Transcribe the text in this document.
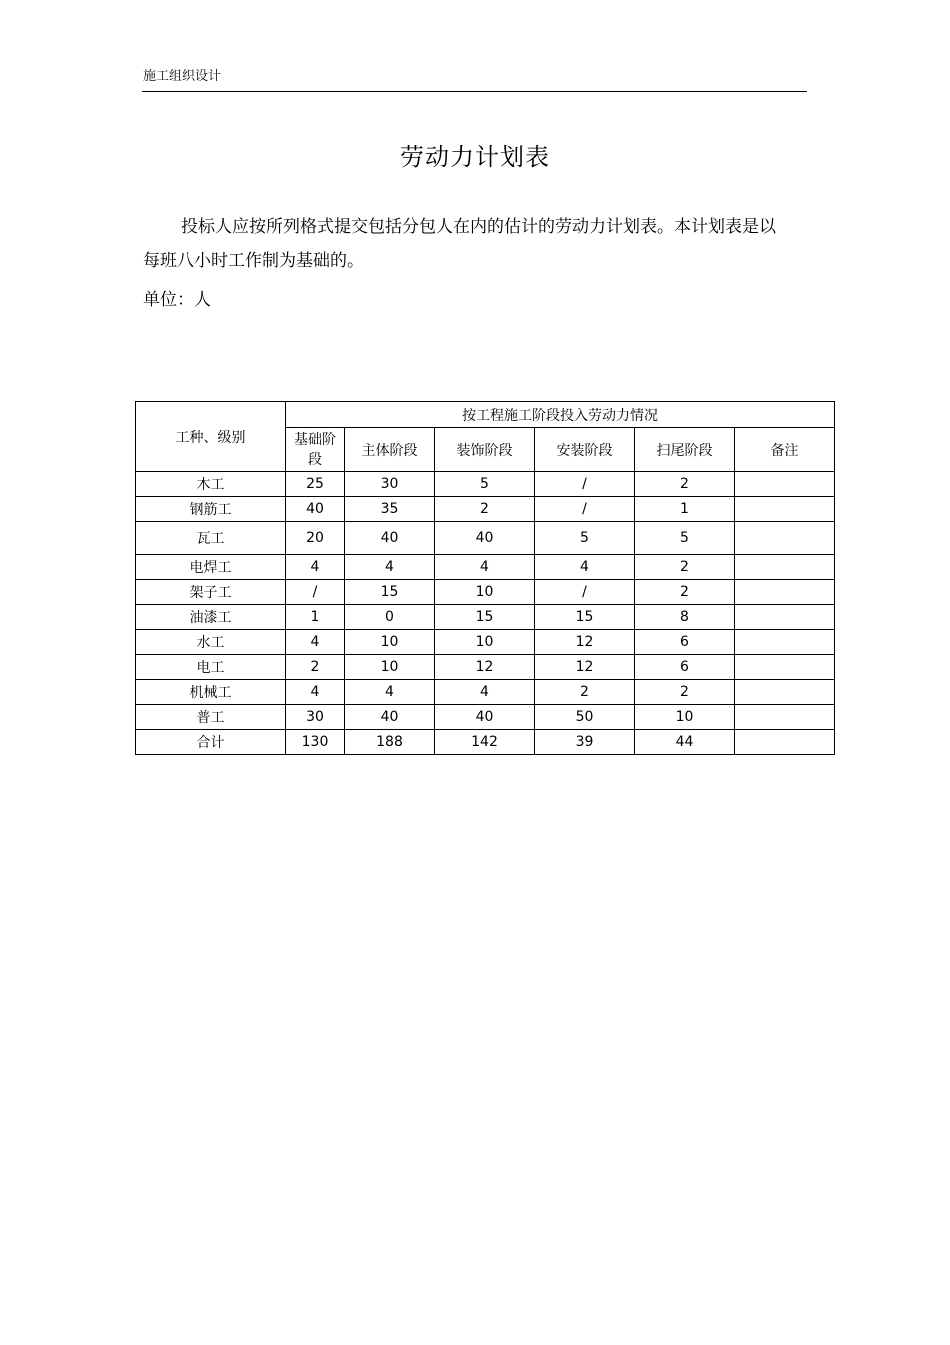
施工组织设计
劳动力计划表
投标人应按所列格式提交包括分包人在内的估计的劳动力计划表。本计划表是以每班八小时工作制为基础的。
单位：人
工种、级别	按工程施工阶段投入劳动力情况					
	基础阶段	主体阶段	装饰阶段	安装阶段	扫尾阶段	备注
木工	25	30	5	/	2	
钢筋工	40	35	2	/	1	
瓦工	20	40	40	5	5	
电焊工	4	4	4	4	2	
架子工	/	15	10	/	2	
油漆工	1	0	15	15	8	
水工	4	10	10	12	6	
电工	2	10	12	12	6	
机械工	4	4	4	2	2	
普工	30	40	40	50	10	
合计	130	188	142	39	44	
